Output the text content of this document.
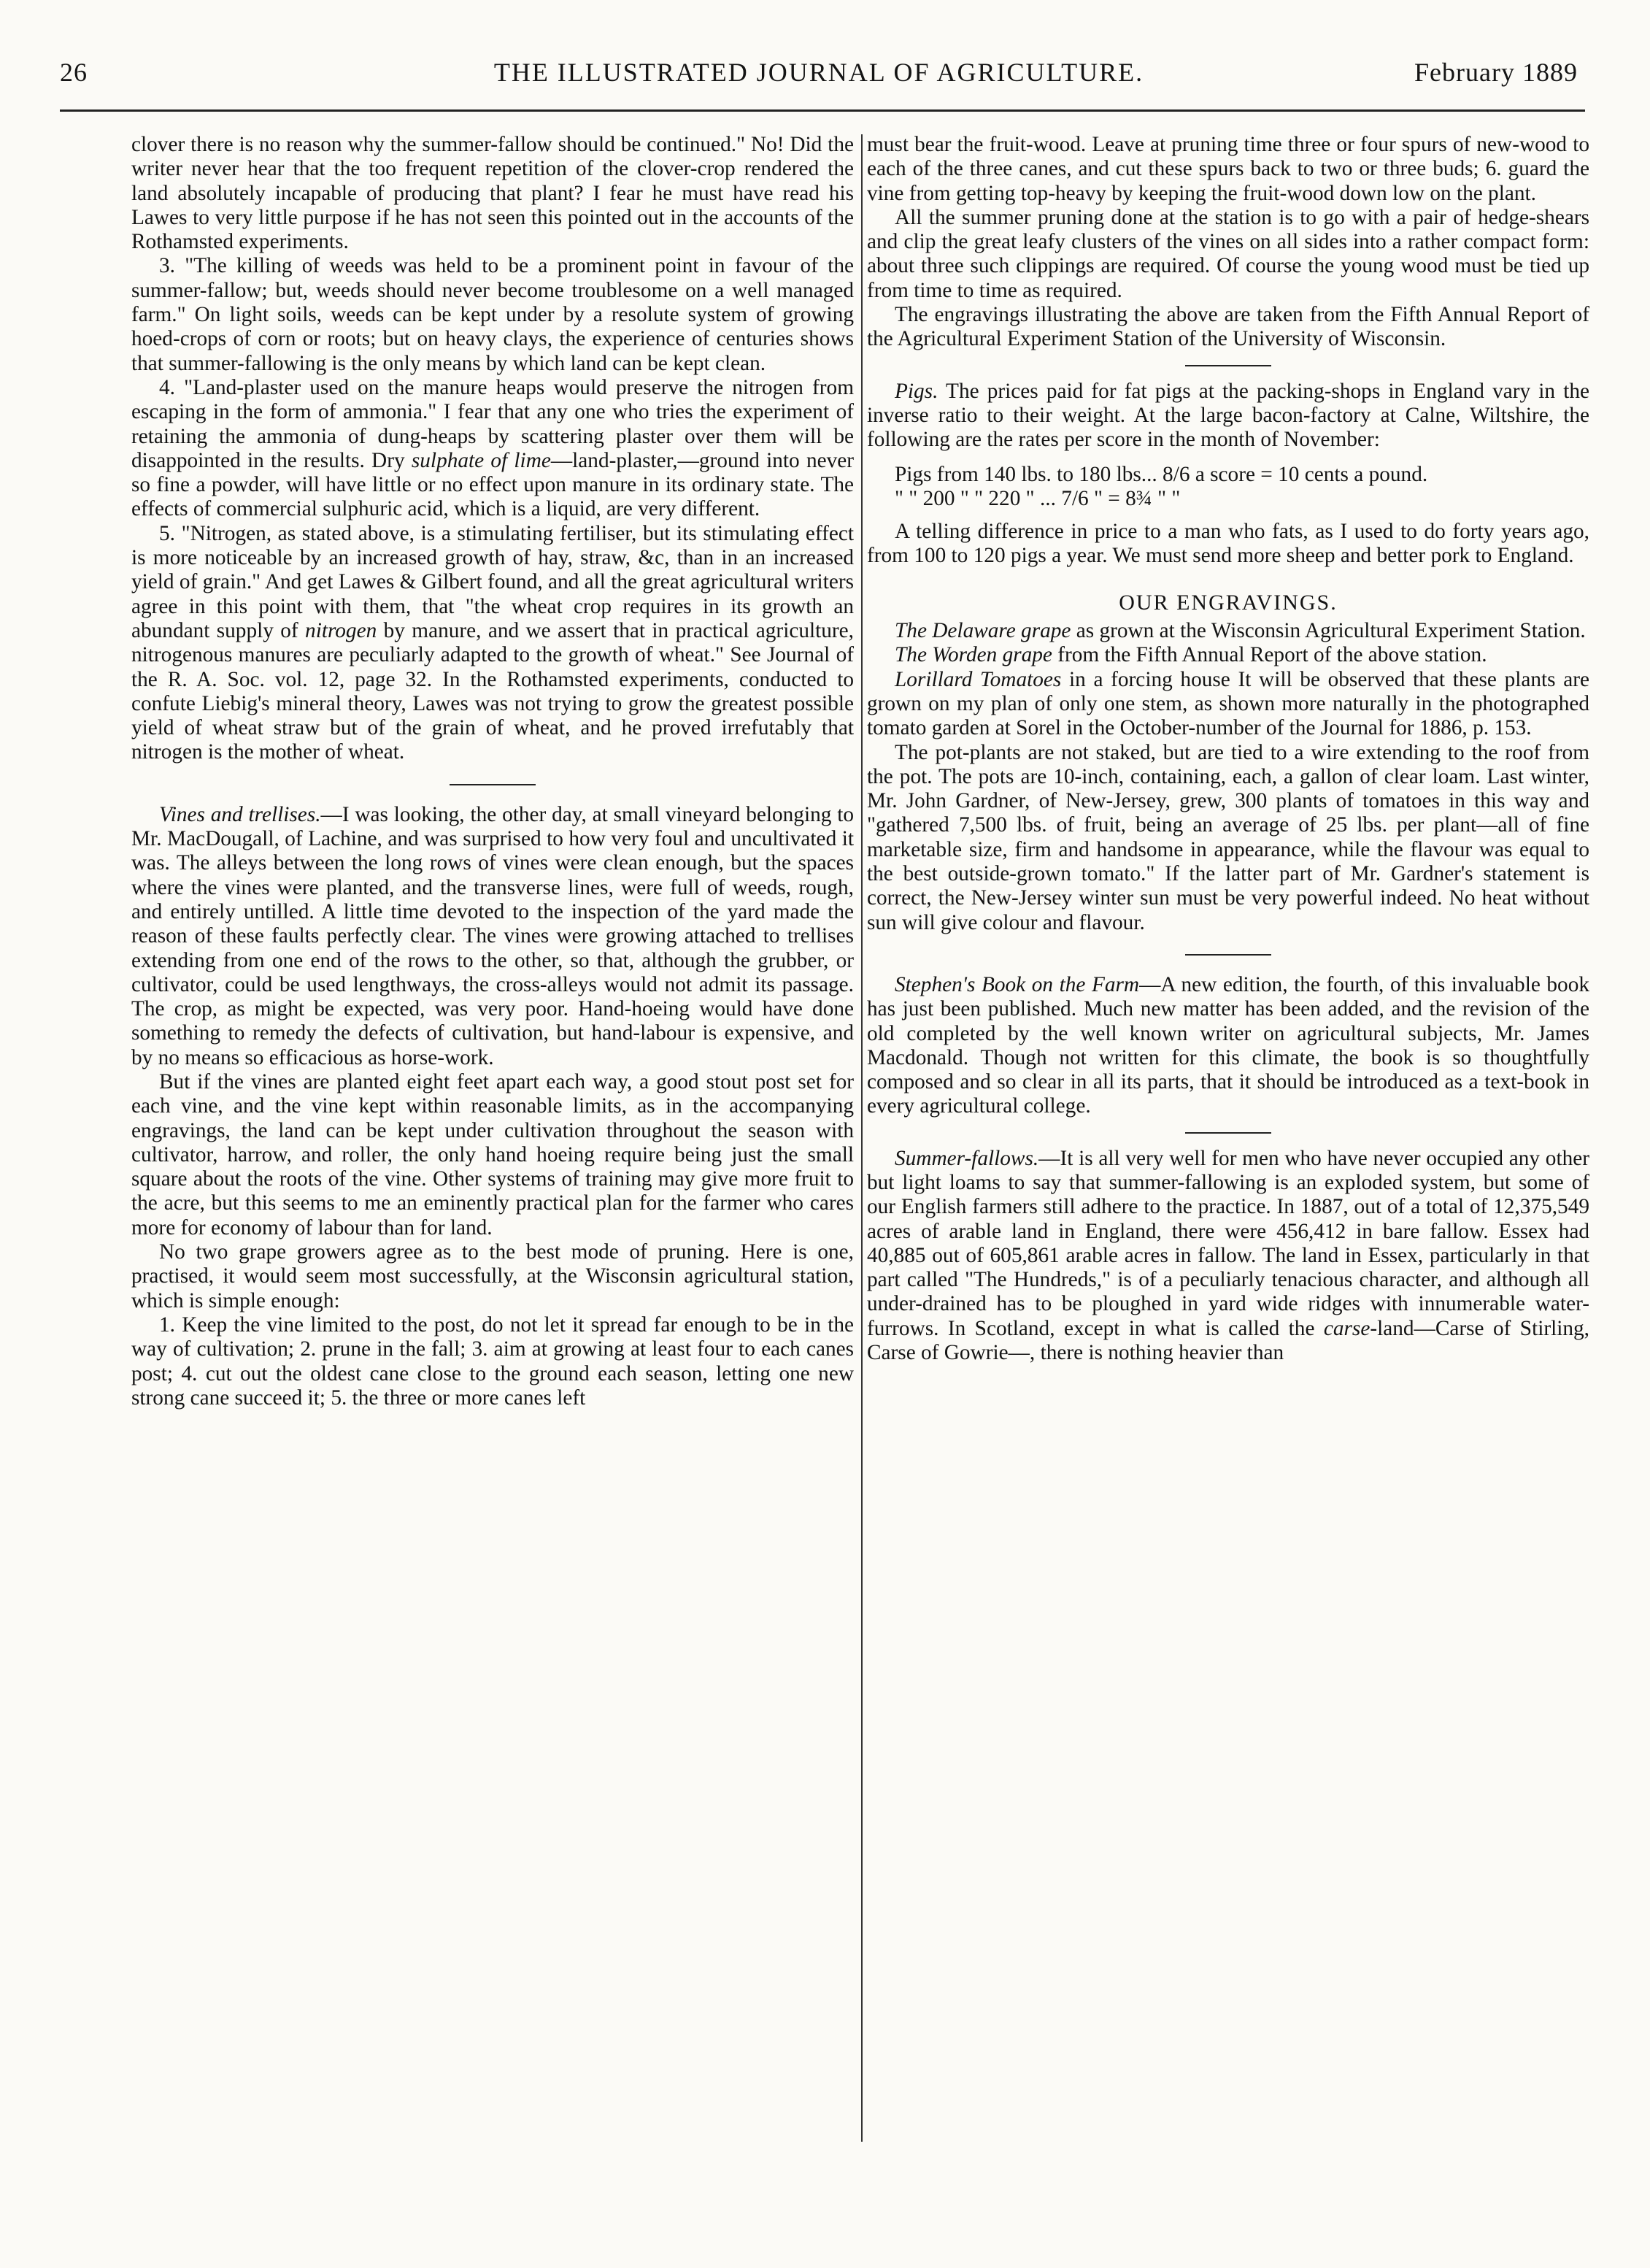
26	THE ILLUSTRATED JOURNAL OF AGRICULTURE.	February 1889

clover there is no reason why the summer-fallow should be continued." No! Did the writer never hear that the too frequent repetition of the clover-crop rendered the land absolutely incapable of producing that plant? I fear he must have read his Lawes to very little purpose if he has not seen this pointed out in the accounts of the Rothamsted experiments.

3. "The killing of weeds was held to be a prominent point in favour of the summer-fallow; but, weeds should never become troublesome on a well managed farm." On light soils, weeds can be kept under by a resolute system of growing hoed-crops of corn or roots; but on heavy clays, the experience of centuries shows that summer-fallowing is the only means by which land can be kept clean.

4. "Land-plaster used on the manure heaps would preserve the nitrogen from escaping in the form of ammonia." I fear that any one who tries the experiment of retaining the ammonia of dung-heaps by scattering plaster over them will be disappointed in the results. Dry sulphate of lime—land-plaster,—ground into never so fine a powder, will have little or no effect upon manure in its ordinary state. The effects of commercial sulphuric acid, which is a liquid, are very different.

5. "Nitrogen, as stated above, is a stimulating fertiliser, but its stimulating effect is more noticeable by an increased growth of hay, straw, &c, than in an increased yield of grain." And get Lawes & Gilbert found, and all the great agricultural writers agree in this point with them, that "the wheat crop requires in its growth an abundant supply of nitrogen by manure, and we assert that in practical agriculture, nitrogenous manures are peculiarly adapted to the growth of wheat." See Journal of the R. A. Soc. vol. 12, page 32. In the Rothamsted experiments, conducted to confute Liebig's mineral theory, Lawes was not trying to grow the greatest possible yield of wheat straw but of the grain of wheat, and he proved irrefutably that nitrogen is the mother of wheat.

Vines and trellises.—I was looking, the other day, at small vineyard belonging to Mr. MacDougall, of Lachine, and was surprised to how very foul and uncultivated it was. The alleys between the long rows of vines were clean enough, but the spaces where the vines were planted, and the transverse lines, were full of weeds, rough, and entirely untilled. A little time devoted to the inspection of the yard made the reason of these faults perfectly clear. The vines were growing attached to trellises extending from one end of the rows to the other, so that, although the grubber, or cultivator, could be used lengthways, the cross-alleys would not admit its passage. The crop, as might be expected, was very poor. Hand-hoeing would have done something to remedy the defects of cultivation, but hand-labour is expensive, and by no means so efficacious as horse-work.

But if the vines are planted eight feet apart each way, a good stout post set for each vine, and the vine kept within reasonable limits, as in the accompanying engravings, the land can be kept under cultivation throughout the season with cultivator, harrow, and roller, the only hand hoeing require being just the small square about the roots of the vine. Other systems of training may give more fruit to the acre, but this seems to me an eminently practical plan for the farmer who cares more for economy of labour than for land.

No two grape growers agree as to the best mode of pruning. Here is one, practised, it would seem most successfully, at the Wisconsin agricultural station, which is simple enough:

1. Keep the vine limited to the post, do not let it spread far enough to be in the way of cultivation; 2. prune in the fall; 3. aim at growing at least four to each canes post; 4. cut out the oldest cane close to the ground each season, letting one new strong cane succeed it; 5. the three or more canes left

must bear the fruit-wood. Leave at pruning time three or four spurs of new-wood to each of the three canes, and cut these spurs back to two or three buds; 6. guard the vine from getting top-heavy by keeping the fruit-wood down low on the plant.

All the summer pruning done at the station is to go with a pair of hedge-shears and clip the great leafy clusters of the vines on all sides into a rather compact form: about three such clippings are required. Of course the young wood must be tied up from time to time as required.

The engravings illustrating the above are taken from the Fifth Annual Report of the Agricultural Experiment Station of the University of Wisconsin.

Pigs. The prices paid for fat pigs at the packing-shops in England vary in the inverse ratio to their weight. At the large bacon-factory at Calne, Wiltshire, the following are the rates per score in the month of November:

Pigs from 140 lbs. to 180 lbs... 8/6 a score = 10 cents a pound.

" " 200 " " 220 " ... 7/6 " = 8¾ " "

A telling difference in price to a man who fats, as I used to do forty years ago, from 100 to 120 pigs a year. We must send more sheep and better pork to England.

OUR ENGRAVINGS.

The Delaware grape as grown at the Wisconsin Agricultural Experiment Station.

The Worden grape from the Fifth Annual Report of the above station.

Lorillard Tomatoes in a forcing house It will be observed that these plants are grown on my plan of only one stem, as shown more naturally in the photographed tomato garden at Sorel in the October-number of the Journal for 1886, p. 153.

The pot-plants are not staked, but are tied to a wire extending to the roof from the pot. The pots are 10-inch, containing, each, a gallon of clear loam. Last winter, Mr. John Gardner, of New-Jersey, grew, 300 plants of tomatoes in this way and "gathered 7,500 lbs. of fruit, being an average of 25 lbs. per plant—all of fine marketable size, firm and handsome in appearance, while the flavour was equal to the best outside-grown tomato." If the latter part of Mr. Gardner's statement is correct, the New-Jersey winter sun must be very powerful indeed. No heat without sun will give colour and flavour.

Stephen's Book on the Farm—A new edition, the fourth, of this invaluable book has just been published. Much new matter has been added, and the revision of the old completed by the well known writer on agricultural subjects, Mr. James Macdonald. Though not written for this climate, the book is so thoughtfully composed and so clear in all its parts, that it should be introduced as a text-book in every agricultural college.

Summer-fallows.—It is all very well for men who have never occupied any other but light loams to say that summer-fallowing is an exploded system, but some of our English farmers still adhere to the practice. In 1887, out of a total of 12,375,549 acres of arable land in England, there were 456,412 in bare fallow. Essex had 40,885 out of 605,861 arable acres in fallow. The land in Essex, particularly in that part called "The Hundreds," is of a peculiarly tenacious character, and although all under-drained has to be ploughed in yard wide ridges with innumerable water-furrows. In Scotland, except in what is called the carse-land—Carse of Stirling, Carse of Gowrie—, there is nothing heavier than
